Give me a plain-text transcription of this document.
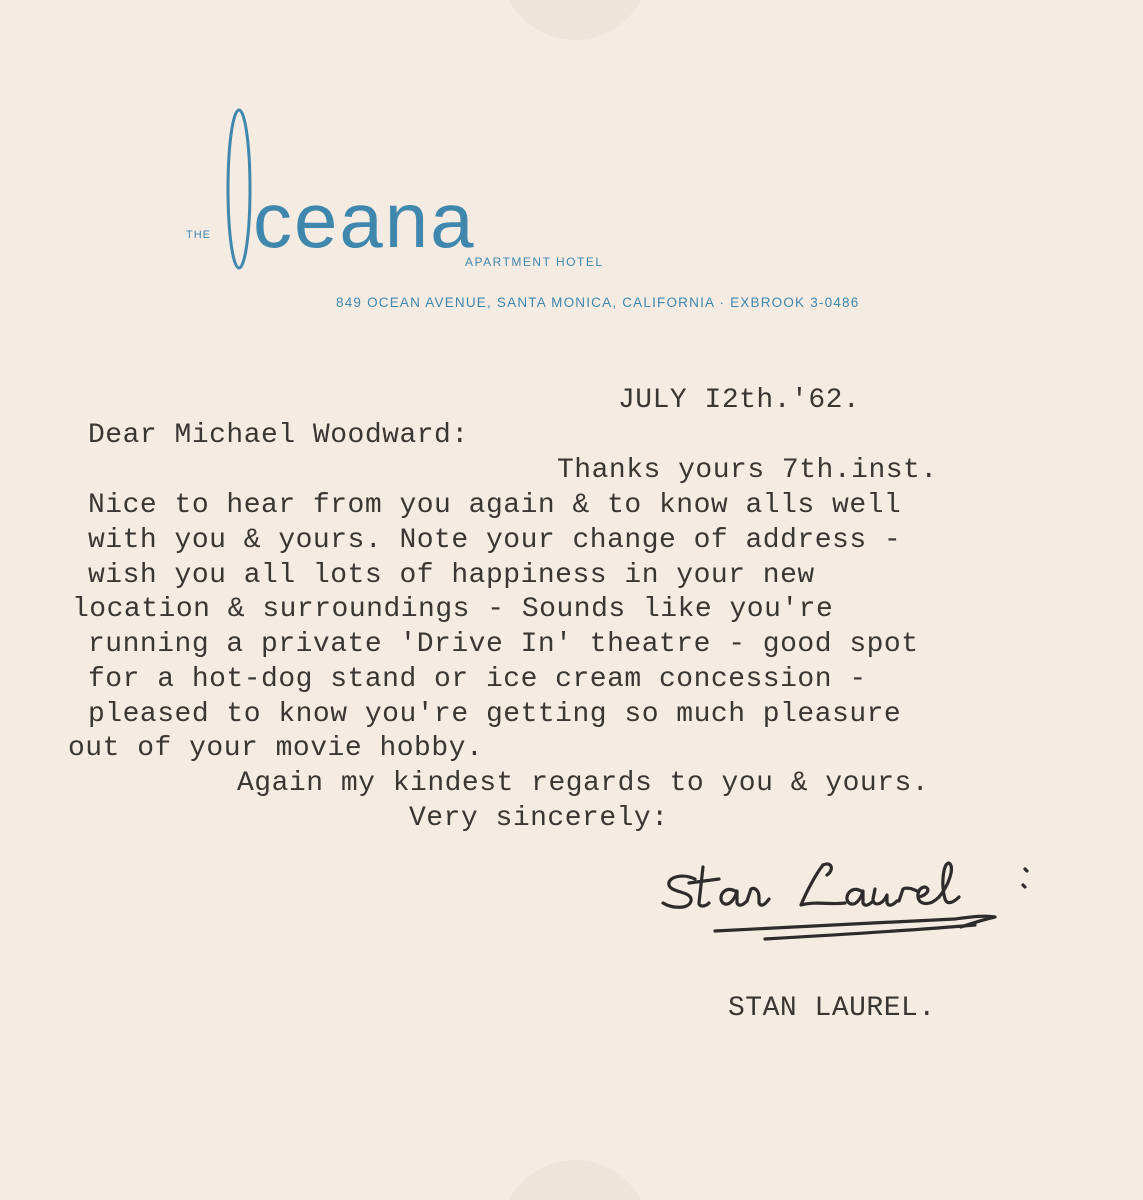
THE ceana
APARTMENT HOTEL
849 OCEAN AVENUE, SANTA MONICA, CALIFORNIA · EXBROOK 3-0486
JULY I2th.'62.
Dear Michael Woodward:
Thanks yours 7th.inst.
Nice to hear from you again & to know alls well
with you & yours. Note your change of address -
wish you all lots of happiness in your new
location & surroundings - Sounds like you're
running a private 'Drive In' theatre - good spot
for a hot-dog stand or ice cream concession -
pleased to know you're getting so much pleasure
out of your movie hobby.
Again my kindest regards to you & yours.
Very sincerely:
STAN LAUREL.
